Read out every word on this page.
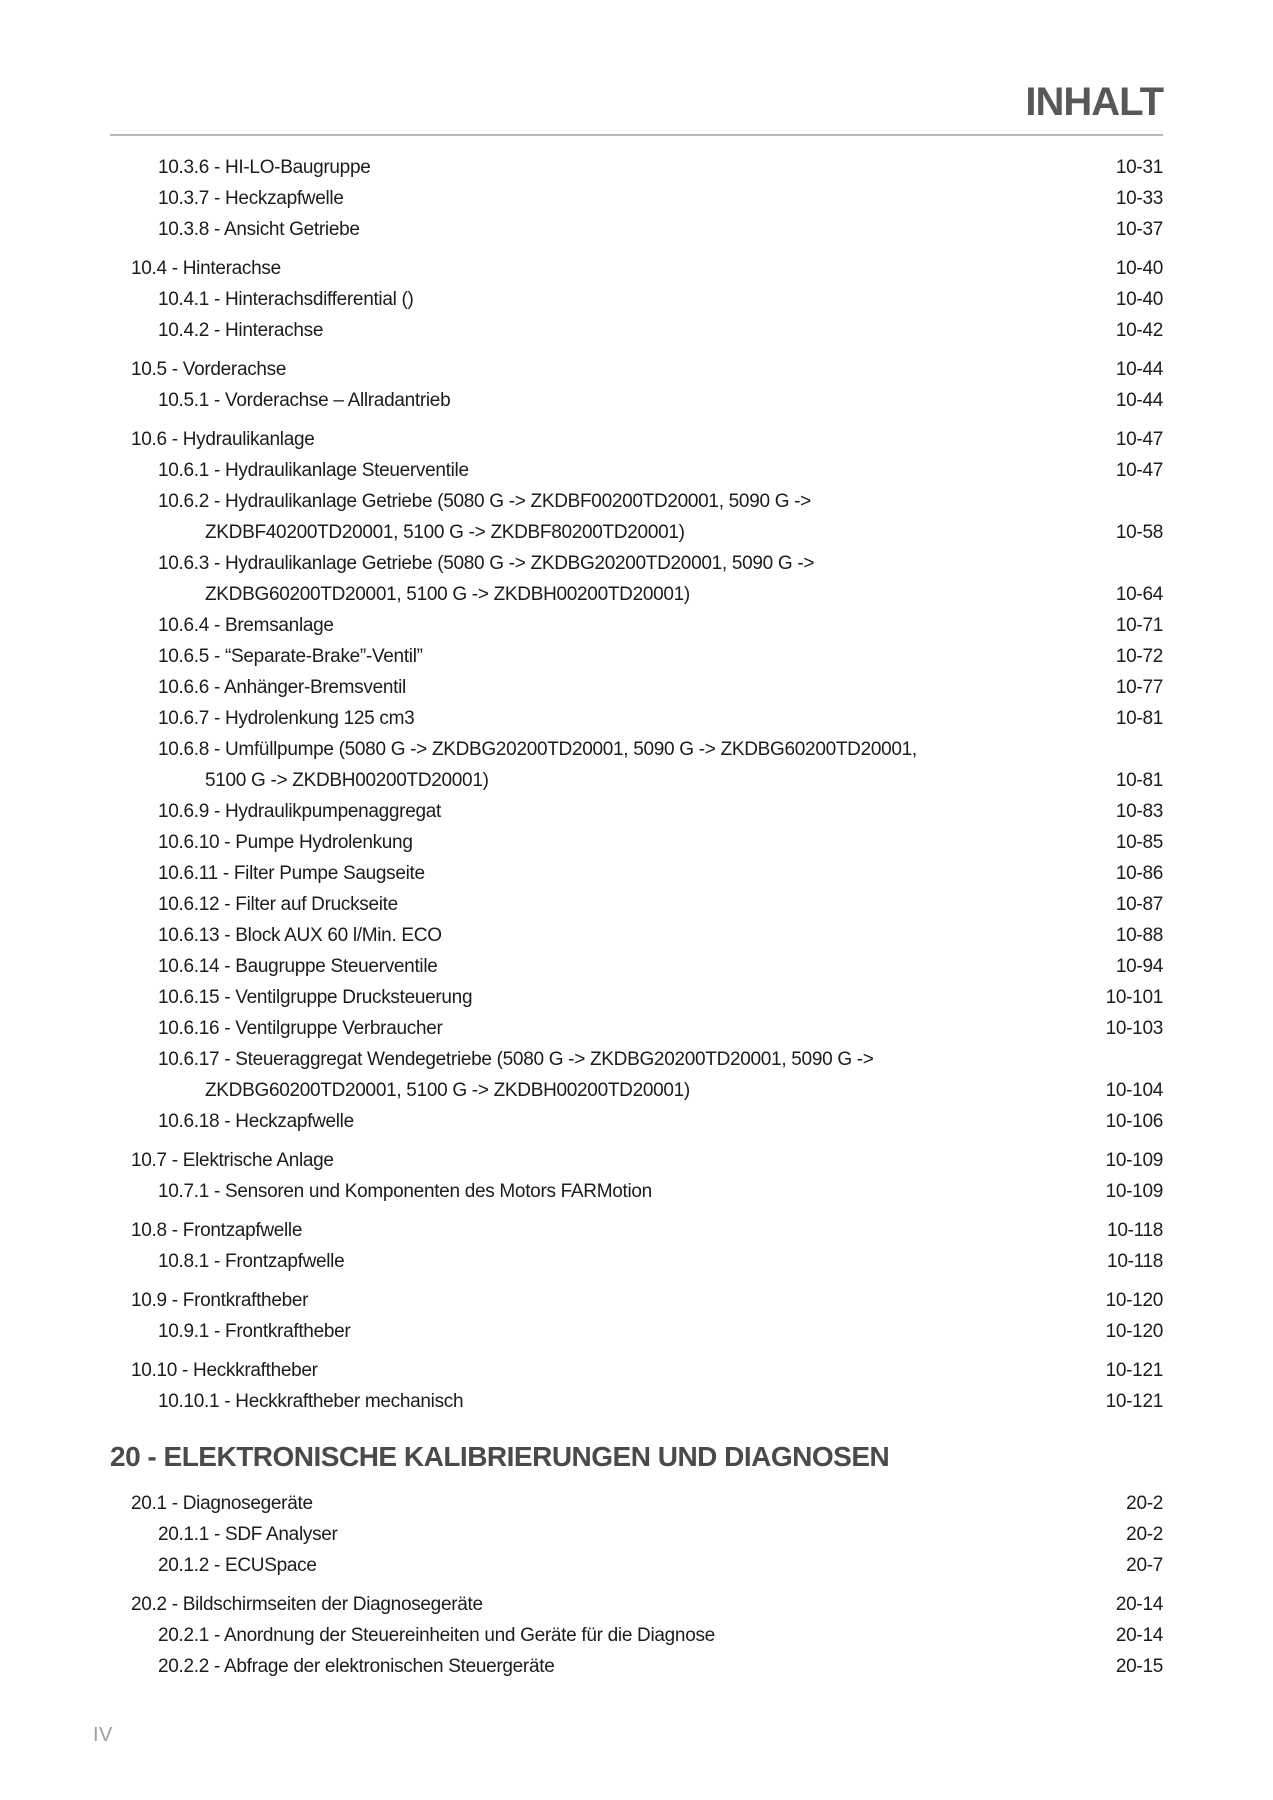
INHALT
10.3.6 - HI-LO-Baugruppe	10-31
10.3.7 - Heckzapfwelle	10-33
10.3.8 - Ansicht Getriebe	10-37
10.4 - Hinterachse	10-40
10.4.1 - Hinterachsdifferential ()	10-40
10.4.2 - Hinterachse	10-42
10.5 - Vorderachse	10-44
10.5.1 - Vorderachse – Allradantrieb	10-44
10.6 - Hydraulikanlage	10-47
10.6.1 - Hydraulikanlage Steuerventile	10-47
10.6.2 - Hydraulikanlage Getriebe (5080 G -> ZKDBF00200TD20001, 5090 G ->
ZKDBF40200TD20001, 5100 G -> ZKDBF80200TD20001)	10-58
10.6.3 - Hydraulikanlage Getriebe (5080 G -> ZKDBG20200TD20001, 5090 G ->
ZKDBG60200TD20001, 5100 G -> ZKDBH00200TD20001)	10-64
10.6.4 - Bremsanlage	10-71
10.6.5 - “Separate-Brake”-Ventil”	10-72
10.6.6 - Anhänger-Bremsventil	10-77
10.6.7 - Hydrolenkung 125 cm3	10-81
10.6.8 - Umfüllpumpe (5080 G -> ZKDBG20200TD20001, 5090 G -> ZKDBG60200TD20001,
5100 G -> ZKDBH00200TD20001)	10-81
10.6.9 - Hydraulikpumpenaggregat	10-83
10.6.10 - Pumpe Hydrolenkung	10-85
10.6.11 - Filter Pumpe Saugseite	10-86
10.6.12 - Filter auf Druckseite	10-87
10.6.13 - Block AUX 60 l/Min. ECO	10-88
10.6.14 - Baugruppe Steuerventile	10-94
10.6.15 - Ventilgruppe Drucksteuerung	10-101
10.6.16 - Ventilgruppe Verbraucher	10-103
10.6.17 - Steueraggregat Wendegetriebe (5080 G -> ZKDBG20200TD20001, 5090 G ->
ZKDBG60200TD20001, 5100 G -> ZKDBH00200TD20001)	10-104
10.6.18 - Heckzapfwelle	10-106
10.7 - Elektrische Anlage	10-109
10.7.1 - Sensoren und Komponenten des Motors FARMotion	10-109
10.8 - Frontzapfwelle	10-118
10.8.1 - Frontzapfwelle	10-118
10.9 - Frontkraftheber	10-120
10.9.1 - Frontkraftheber	10-120
10.10 - Heckkraftheber	10-121
10.10.1 - Heckkraftheber mechanisch	10-121
20 - ELEKTRONISCHE KALIBRIERUNGEN UND DIAGNOSEN
20.1 - Diagnosegeräte	20-2
20.1.1 - SDF Analyser	20-2
20.1.2 - ECUSpace	20-7
20.2 - Bildschirmseiten der Diagnosegeräte	20-14
20.2.1 - Anordnung der Steuereinheiten und Geräte für die Diagnose	20-14
20.2.2 - Abfrage der elektronischen Steuergeräte	20-15
IV
